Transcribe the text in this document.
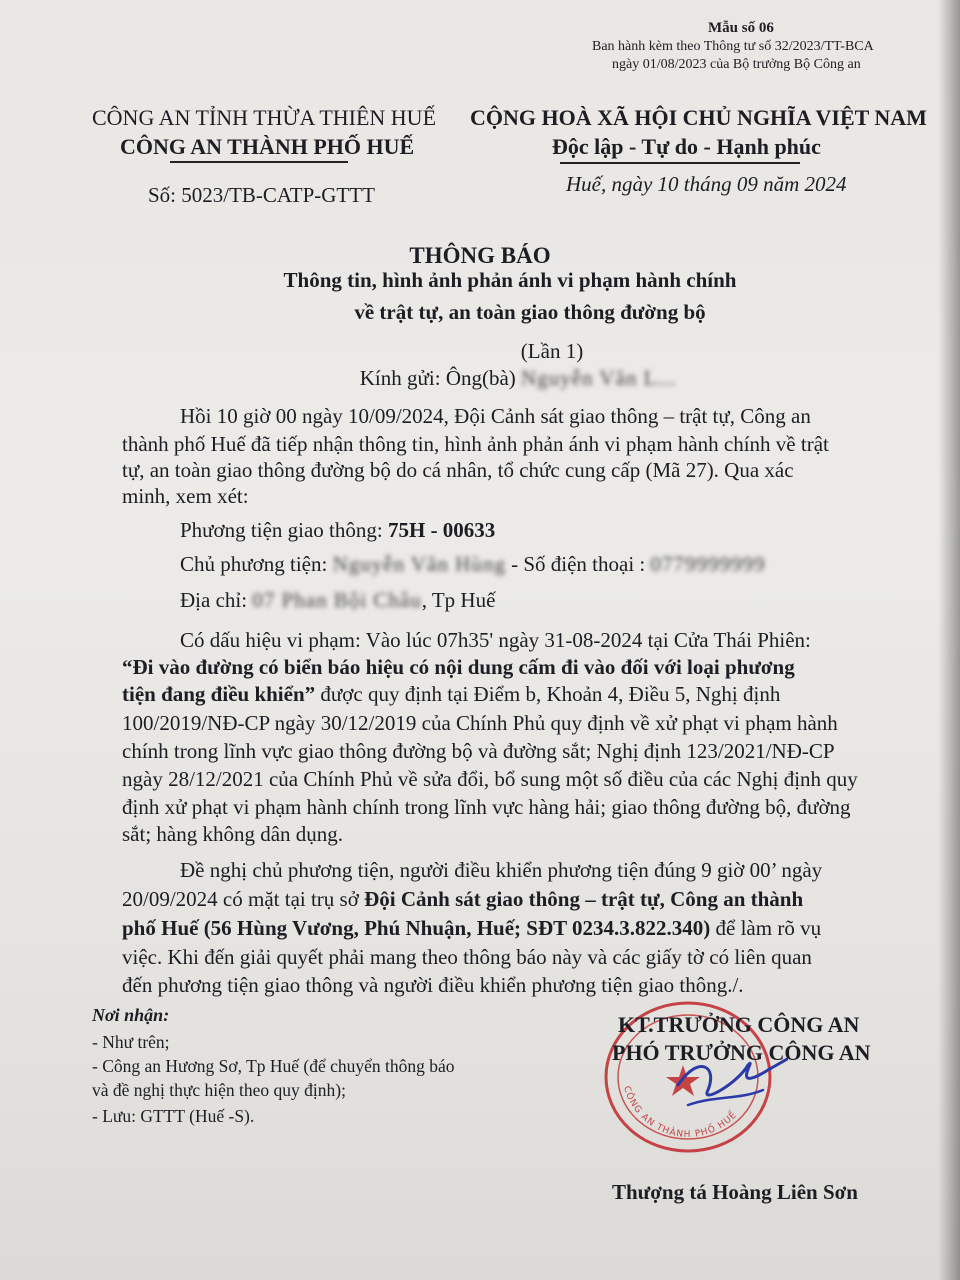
Mẫu số 06
Ban hành kèm theo Thông tư số 32/2023/TT-BCA
ngày 01/08/2023 của Bộ trưởng Bộ Công an
CÔNG AN TỈNH THỪA THIÊN HUẾ
CÔNG AN THÀNH PHỐ HUẾ
CỘNG HOÀ XÃ HỘI CHỦ NGHĨA VIỆT NAM
Độc lập - Tự do - Hạnh phúc
Số: 5023/TB-CATP-GTTT	Huế, ngày 10 tháng 09 năm 2024
THÔNG BÁO
Thông tin, hình ảnh phản ánh vi phạm hành chính
về trật tự, an toàn giao thông đường bộ
(Lần 1)
Kính gửi: Ông(bà) Nguyễn Văn L...
Hồi 10 giờ 00 ngày 10/09/2024, Đội Cảnh sát giao thông – trật tự, Công an
thành phố Huế đã tiếp nhận thông tin, hình ảnh phản ánh vi phạm hành chính về trật
tự, an toàn giao thông đường bộ do cá nhân, tổ chức cung cấp (Mã 27). Qua xác
minh, xem xét:
Phương tiện giao thông: 75H - 00633
Chủ phương tiện: Nguyễn Văn Hùng - Số điện thoại : 0779999999
Địa chỉ: 07 Phan Bội Châu, Tp Huế
Có dấu hiệu vi phạm: Vào lúc 07h35' ngày 31-08-2024 tại Cửa Thái Phiên:
“Đi vào đường có biển báo hiệu có nội dung cấm đi vào đối với loại phương
tiện đang điều khiển” được quy định tại Điểm b, Khoản 4, Điều 5, Nghị định
100/2019/NĐ-CP ngày 30/12/2019 của Chính Phủ quy định về xử phạt vi phạm hành
chính trong lĩnh vực giao thông đường bộ và đường sắt; Nghị định 123/2021/NĐ-CP
ngày 28/12/2021 của Chính Phủ về sửa đổi, bổ sung một số điều của các Nghị định quy
định xử phạt vi phạm hành chính trong lĩnh vực hàng hải; giao thông đường bộ, đường
sắt; hàng không dân dụng.
Đề nghị chủ phương tiện, người điều khiển phương tiện đúng 9 giờ 00’ ngày
20/09/2024 có mặt tại trụ sở Đội Cảnh sát giao thông – trật tự, Công an thành
phố Huế (56 Hùng Vương, Phú Nhuận, Huế; SĐT 0234.3.822.340) để làm rõ vụ
việc. Khi đến giải quyết phải mang theo thông báo này và các giấy tờ có liên quan
đến phương tiện giao thông và người điều khiển phương tiện giao thông./.
Nơi nhận:
- Như trên;
- Công an Hương Sơ, Tp Huế (để chuyển thông báo
và đề nghị thực hiện theo quy định);
- Lưu: GTTT (Huế -S).
CÔNG AN THÀNH PHỐ HUẾ
KT.TRƯỞNG CÔNG AN
PHÓ TRƯỞNG CÔNG AN
Thượng tá Hoàng Liên Sơn
